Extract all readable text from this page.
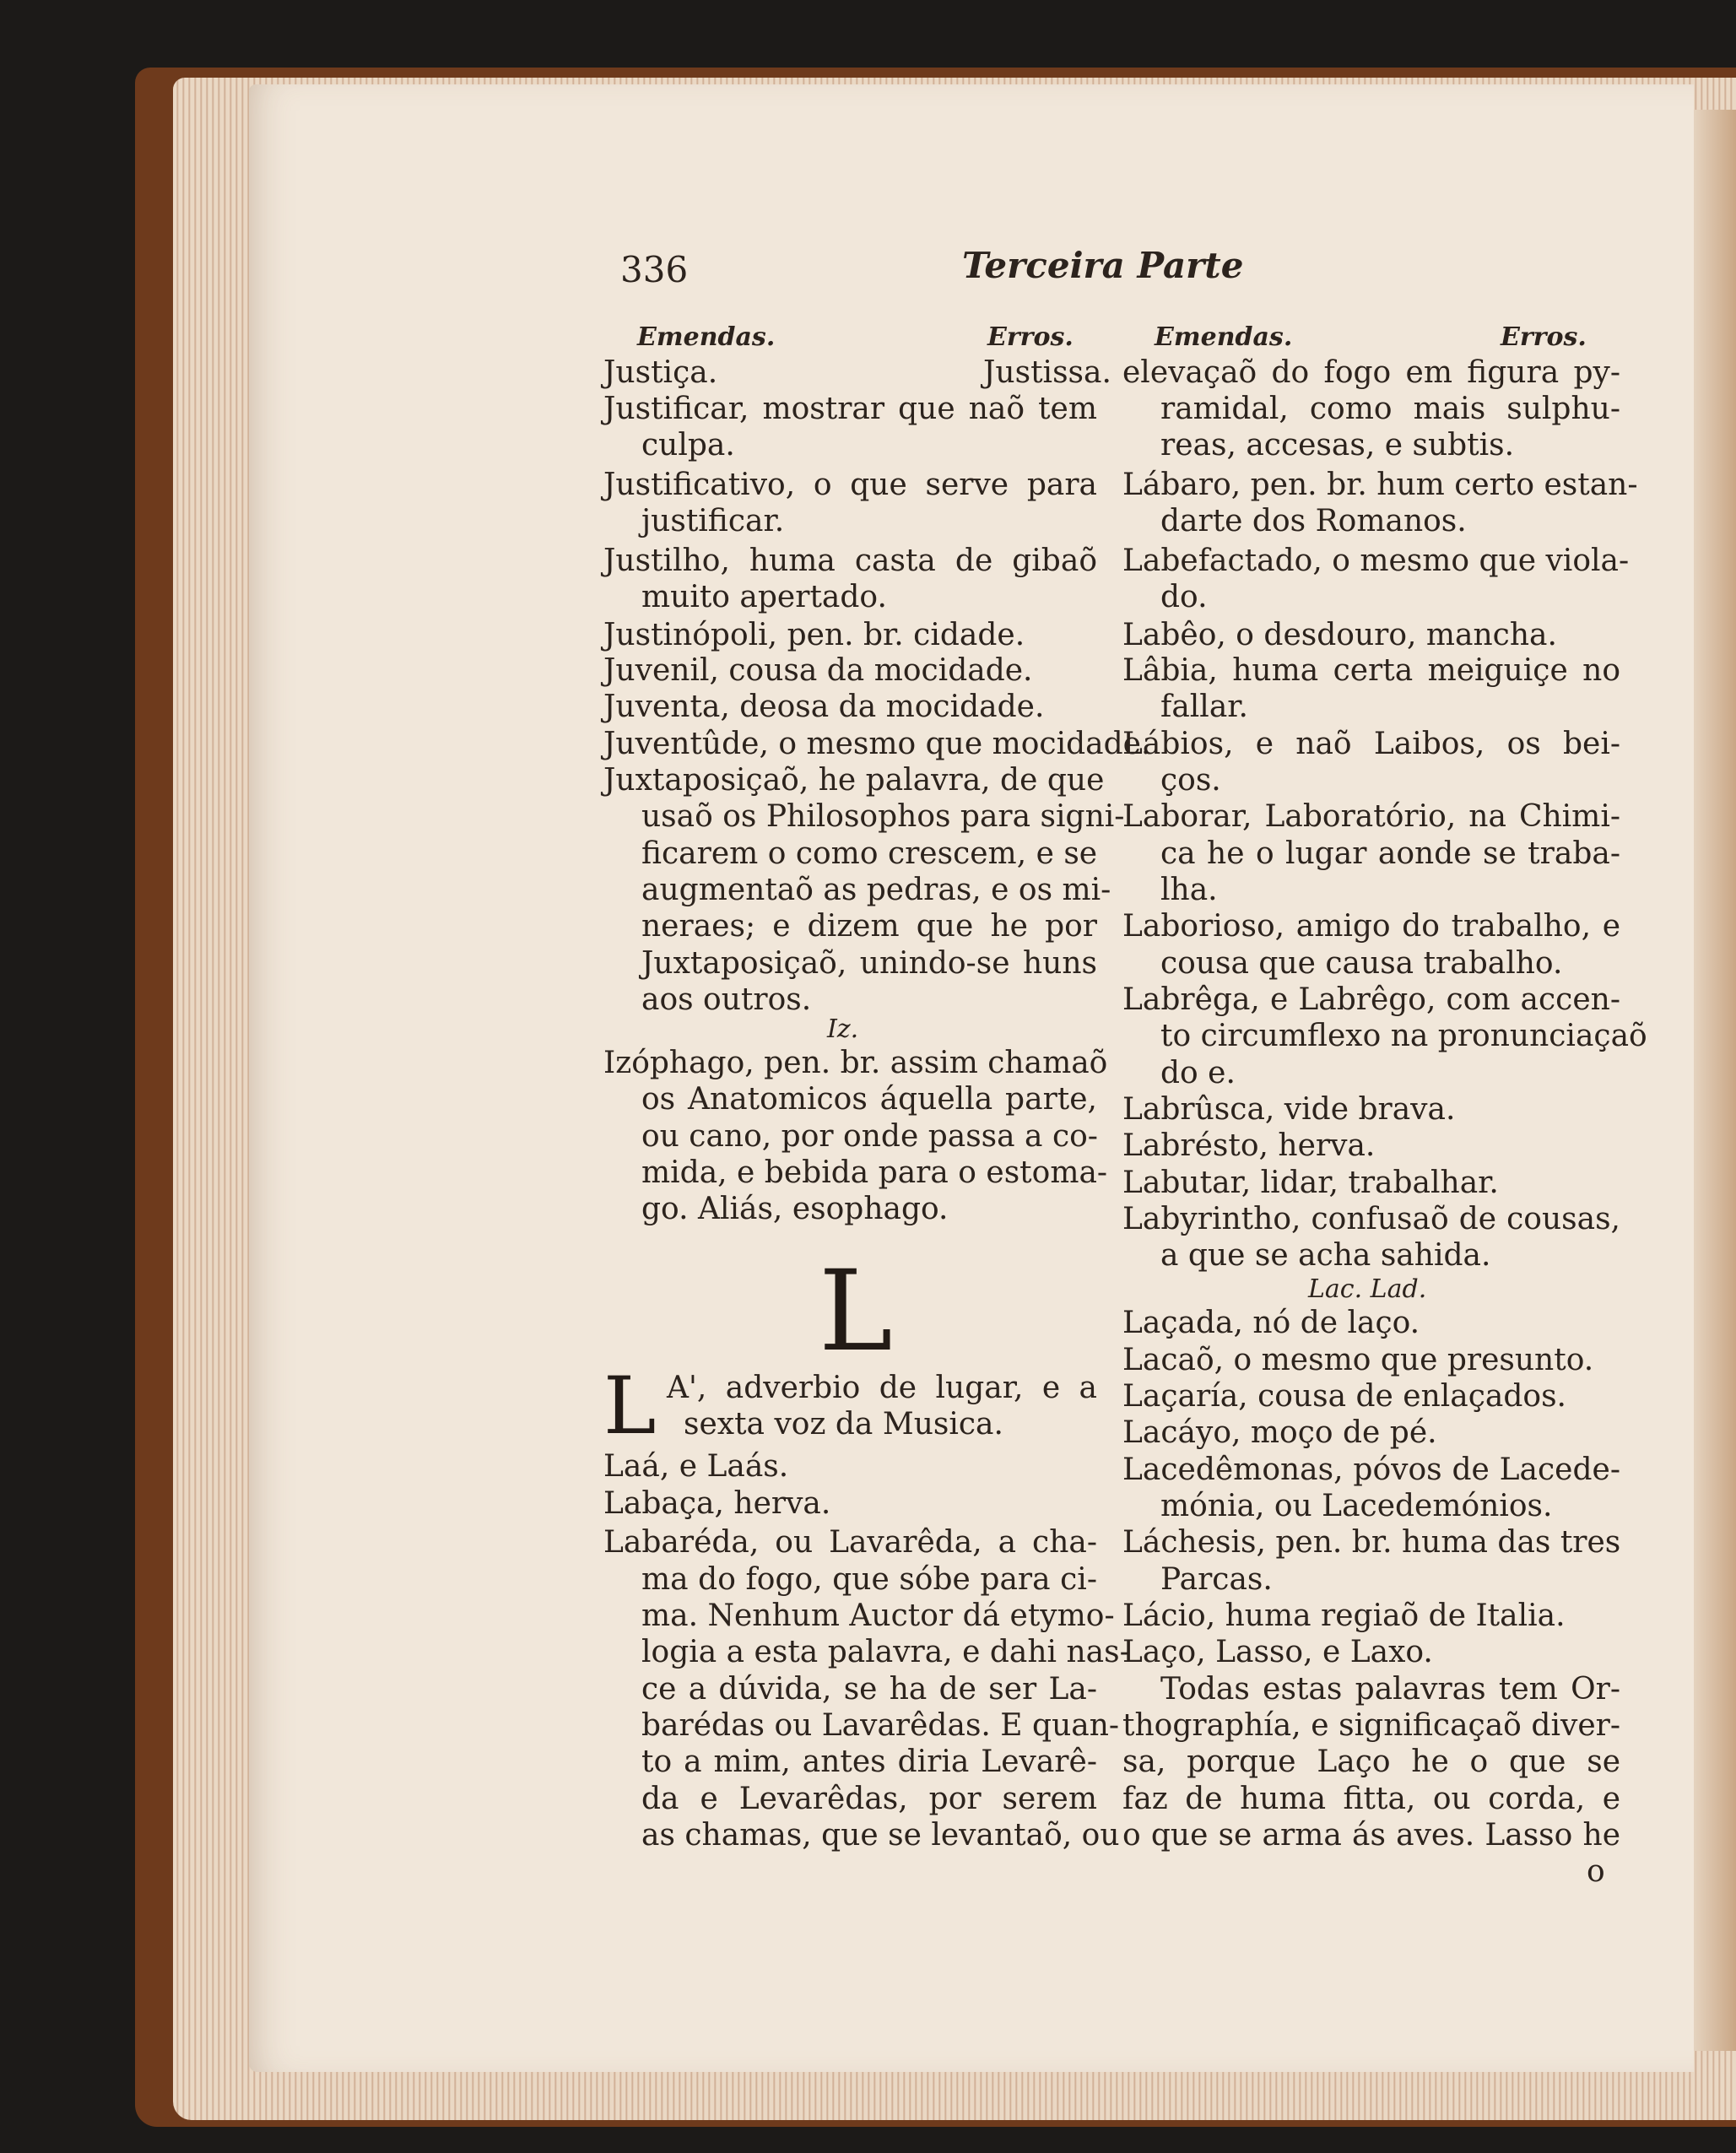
336	Terceira Parte
Emendas.	Erros.
Justiça.	Justissa.
Justificar, mostrar que naõ tem
culpa.
Justificativo, o que serve para
justificar.
Justilho, huma casta de gibaõ
muito apertado.
Justinópoli, pen. br. cidade.
Juvenil, cousa da mocidade.
Juventa, deosa da mocidade.
Juventûde, o mesmo que mocidade.
Juxtaposiçaõ, he palavra, de que
usaõ os Philosophos para signi-
ficarem o como crescem, e se
augmentaõ as pedras, e os mi-
neraes; e dizem que he por
Juxtaposiçaõ, unindo-se huns
aos outros.
Iz.
Izóphago, pen. br. assim chamaõ
os Anatomicos áquella parte,
ou cano, por onde passa a co-
mida, e bebida para o estoma-
go. Aliás, esophago.
L
L A', adverbio de lugar, e a
sexta voz da Musica.
Laá, e Laás.
Labaça, herva.
Labaréda, ou Lavarêda, a cha-
ma do fogo, que sóbe para ci-
ma. Nenhum Auctor dá etymo-
logia a esta palavra, e dahi nas-
ce a dúvida, se ha de ser La-
barédas ou Lavarêdas. E quan-
to a mim, antes diria Levarê-
da e Levarêdas, por serem
as chamas, que se levantaõ, ou
Emendas.	Erros.
elevaçaõ do fogo em figura py-
ramidal, como mais sulphu-
reas, accesas, e subtis.
Lábaro, pen. br. hum certo estan-
darte dos Romanos.
Labefactado, o mesmo que viola-
do.
Labêo, o desdouro, mancha.
Lâbia, huma certa meiguiçe no
fallar.
Lábios, e naõ Laibos, os bei-
ços.
Laborar, Laboratório, na Chimi-
ca he o lugar aonde se traba-
lha.
Laborioso, amigo do trabalho, e
cousa que causa trabalho.
Labrêga, e Labrêgo, com accen-
to circumflexo na pronunciaçaõ
do e.
Labrûsca, vide brava.
Labrésto, herva.
Labutar, lidar, trabalhar.
Labyrintho, confusaõ de cousas,
a que se acha sahida.
Lac. Lad.
Laçada, nó de laço.
Lacaõ, o mesmo que presunto.
Laçaría, cousa de enlaçados.
Lacáyo, moço de pé.
Lacedêmonas, póvos de Lacede-
mónia, ou Lacedemónios.
Láchesis, pen. br. huma das tres
Parcas.
Lácio, huma regiaõ de Italia.
Laço, Lasso, e Laxo.
Todas estas palavras tem Or-
thographía, e significaçaõ diver-
sa, porque Laço he o que se
faz de huma fitta, ou corda, e
o que se arma ás aves. Lasso he
o
